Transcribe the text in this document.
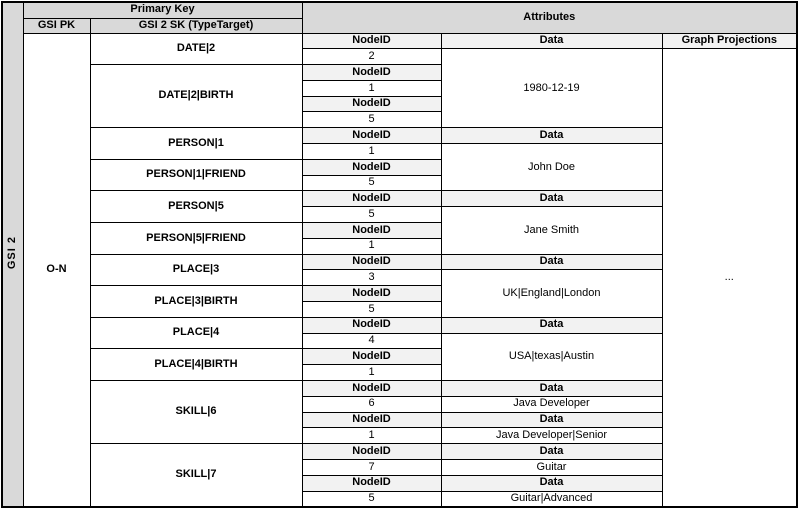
GSI 2	Primary Key		Attributes		
	GSI PK	GSI 2 SK (TypeTarget)			
	O-N	DATE|2	NodeID	Data	Graph Projections
			2	1980-12-19	...
		DATE|2|BIRTH	NodeID		
			1		
			NodeID		
			5		
		PERSON|1	NodeID	Data	
			1	John Doe	
		PERSON|1|FRIEND	NodeID		
			5		
		PERSON|5	NodeID	Data	
			5	Jane Smith	
		PERSON|5|FRIEND	NodeID		
			1		
		PLACE|3	NodeID	Data	
			3	UK|England|London	
		PLACE|3|BIRTH	NodeID		
			5		
		PLACE|4	NodeID	Data	
			4	USA|texas|Austin	
		PLACE|4|BIRTH	NodeID		
			1		
		SKILL|6	NodeID	Data	
			6	Java Developer	
			NodeID	Data	
			1	Java Developer|Senior	
		SKILL|7	NodeID	Data	
			7	Guitar	
			NodeID	Data	
			5	Guitar|Advanced	
